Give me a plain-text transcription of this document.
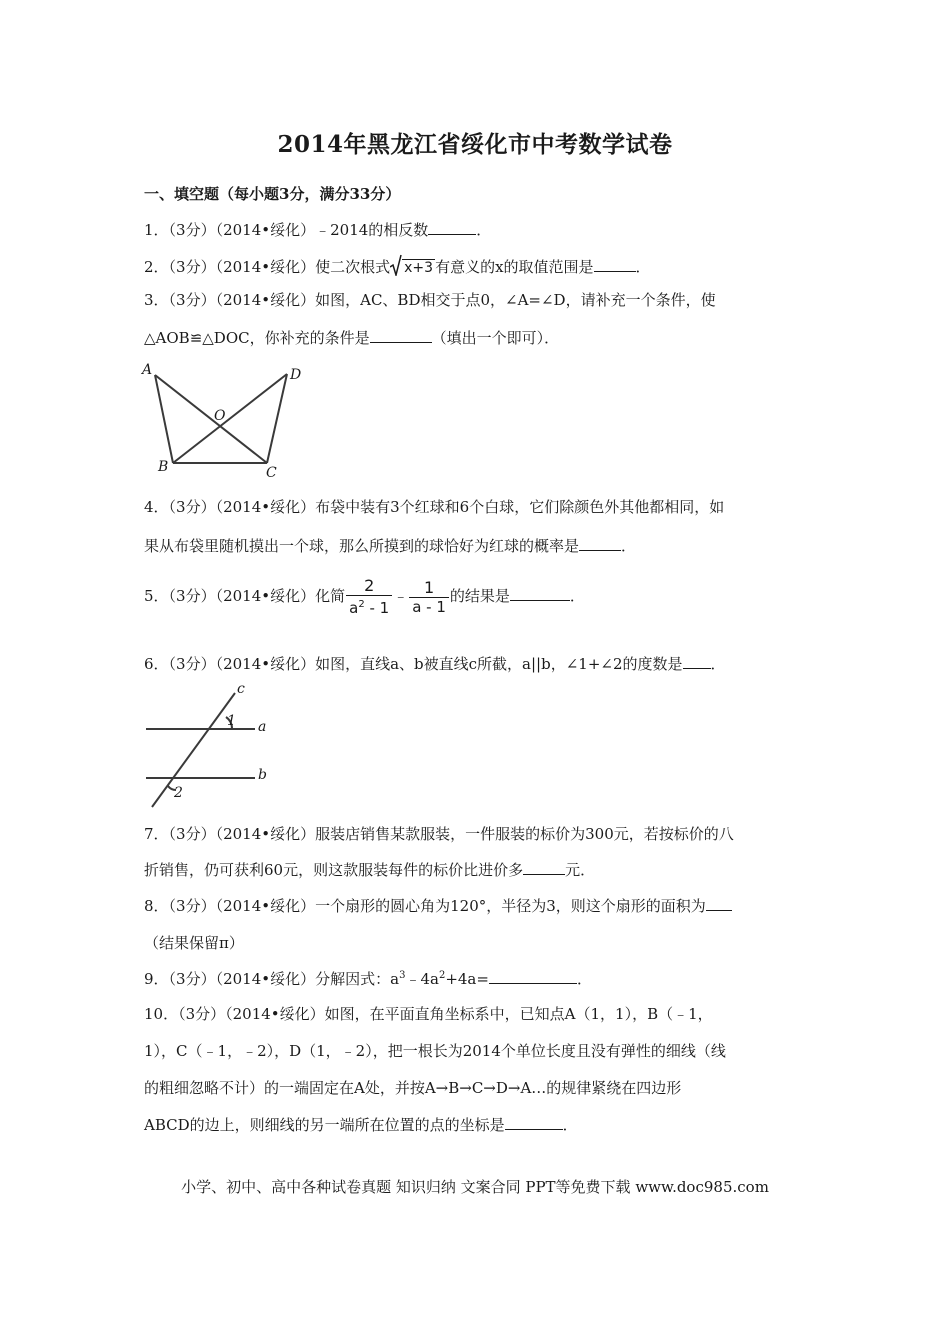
2014年黑龙江省绥化市中考数学试卷
一、填空题（每小题3分，满分33分）
1．（3分）（2014•绥化）﹣2014的相反数	．
2．（3分）（2014•绥化）使二次根式 x+3 有意义的x的取值范围是	．
3．（3分）（2014•绥化）如图，AC、BD相交于点0，∠A=∠D，请补充一个条件，使
△AOB≌△DOC，你补充的条件是	（填出一个即可）．
A	D
O
B	C
4．（3分）（2014•绥化）布袋中装有3个红球和6个白球，它们除颜色外其他都相同，如
果从布袋里随机摸出一个球，那么所摸到的球恰好为红球的概率是	．
5．（3分）（2014•绥化）化简 $\frac{2}{a^2 - 1}$ ﹣ $\frac{1}{a - 1}$ 的结果是	．
6．（3分）（2014•绥化）如图，直线a、b被直线c所截，a||b，∠1+∠2的度数是 ．
c
a
b
1
2
7．（3分）（2014•绥化）服装店销售某款服装，一件服装的标价为300元，若按标价的八
折销售，仍可获利60元，则这款服装每件的标价比进价多	元．
8．（3分）（2014•绥化）一个扇形的圆心角为120°，半径为3，则这个扇形的面积为
（结果保留π）
9．（3分）（2014•绥化）分解因式：$a^3﹣4a^2+4a=$	．
10．（3分）（2014•绥化）如图，在平面直角坐标系中，已知点A（1，1），B（﹣1，
1），C（﹣1，﹣2），D（1，﹣2），把一根长为2014个单位长度且没有弹性的细线（线
的粗细忽略不计）的一端固定在A处，并按A→B→C→D→A…的规律紧绕在四边形
ABCD的边上，则细线的另一端所在位置的点的坐标是	．
小学、初中、高中各种试卷真题 知识归纳 文案合同 PPT等免费下载 www.doc985.com
